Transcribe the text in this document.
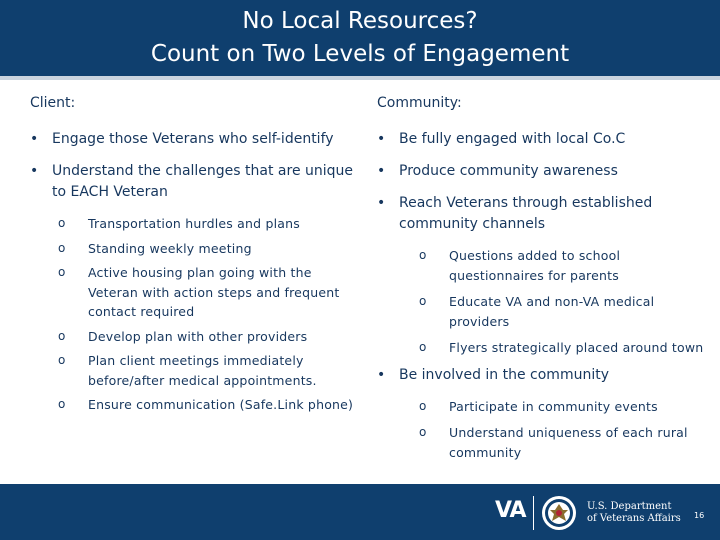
No Local Resources?
Count on Two Levels of Engagement
Client:
• Engage those Veterans who self-identify
• Understand the challenges that are unique to EACH Veteran
o Transportation hurdles and plans
o Standing weekly meeting
o Active housing plan going with the Veteran with action steps and frequent contact required
o Develop plan with other providers
o Plan client meetings immediately before/after medical appointments.
o Ensure communication (Safe.Link phone)
Community:
• Be fully engaged with local Co.C
• Produce community awareness
• Reach Veterans through established community channels
o Questions added to school questionnaires for parents
o Educate VA and non-VA medical providers
o Flyers strategically placed around town
• Be involved in the community
o Participate in community events
o Understand uniqueness of each rural community
VA	U.S. Department
of Veterans Affairs 16
